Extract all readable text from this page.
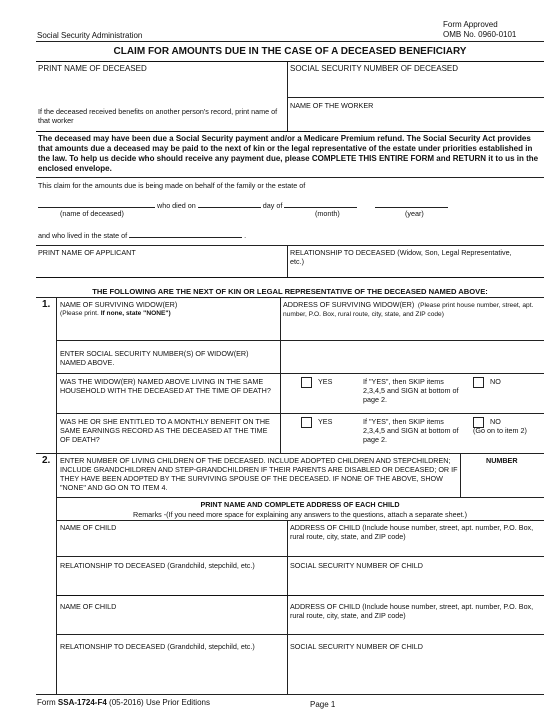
Social Security Administration
Form Approved
OMB No. 0960-0101
CLAIM FOR AMOUNTS DUE IN THE CASE OF A DECEASED BENEFICIARY
PRINT NAME OF DECEASED	SOCIAL SECURITY NUMBER OF DECEASED
If the deceased received benefits on another person's record, print name of that worker
NAME OF THE WORKER
The deceased may have been due a Social Security payment and/or a Medicare Premium refund. The Social Security Act provides that amounts due a deceased may be paid to the next of kin or the legal representative of the estate under priorities established in the law. To help us decide who should receive any payment due, please COMPLETE THIS ENTIRE FORM and RETURN it to us in the enclosed envelope.
This claim for the amounts due is being made on behalf of the family or the estate of
who died on	day of
(name of deceased)	(month)	(year)
and who lived in the state of	.
PRINT NAME OF APPLICANT	RELATIONSHIP TO DECEASED (Widow, Son, Legal Representative, etc.)
THE FOLLOWING ARE THE NEXT OF KIN OR LEGAL REPRESENTATIVE OF THE DECEASED NAMED ABOVE:
1. NAME OF SURVIVING WIDOW(ER)
(Please print. If none, state "NONE")
ADDRESS OF SURVIVING WIDOW(ER) (Please print house number, street, apt. number, P.O. Box, rural route, city, state, and ZIP code)
ENTER SOCIAL SECURITY NUMBER(S) OF WIDOW(ER) NAMED ABOVE.
WAS THE WIDOW(ER) NAMED ABOVE LIVING IN THE SAME HOUSEHOLD WITH THE DECEASED AT THE TIME OF DEATH?
YES	If "YES", then SKIP items 2,3,4,5 and SIGN at bottom of page 2.
NO
WAS HE OR SHE ENTITLED TO A MONTHLY BENEFIT ON THE SAME EARNINGS RECORD AS THE DECEASED AT THE TIME OF DEATH?
YES	If "YES", then SKIP items 2,3,4,5 and SIGN at bottom of page 2.
NO
(Go on to item 2)
2. ENTER NUMBER OF LIVING CHILDREN OF THE DECEASED. INCLUDE ADOPTED CHILDREN AND STEPCHILDREN; INCLUDE GRANDCHILDREN AND STEP-GRANDCHILDREN IF THEIR PARENTS ARE DISABLED OR DECEASED; OR IF THEY HAVE BEEN ADOPTED BY THE SURVIVING SPOUSE OF THE DECEASED. IF NONE OF THE ABOVE, SHOW "NONE" AND GO ON TO ITEM 4.
NUMBER
PRINT NAME AND COMPLETE ADDRESS OF EACH CHILD
Remarks -(If you need more space for explaining any answers to the questions, attach a separate sheet.)
NAME OF CHILD	ADDRESS OF CHILD (Include house number, street, apt. number, P.O. Box, rural route, city, state, and ZIP code)
RELATIONSHIP TO DECEASED (Grandchild, stepchild, etc.)	SOCIAL SECURITY NUMBER OF CHILD
NAME OF CHILD	ADDRESS OF CHILD (Include house number, street, apt. number, P.O. Box, rural route, city, state, and ZIP code)
RELATIONSHIP TO DECEASED (Grandchild, stepchild, etc.)	SOCIAL SECURITY NUMBER OF CHILD
Form SSA-1724-F4 (05-2016) Use Prior Editions	Page 1
